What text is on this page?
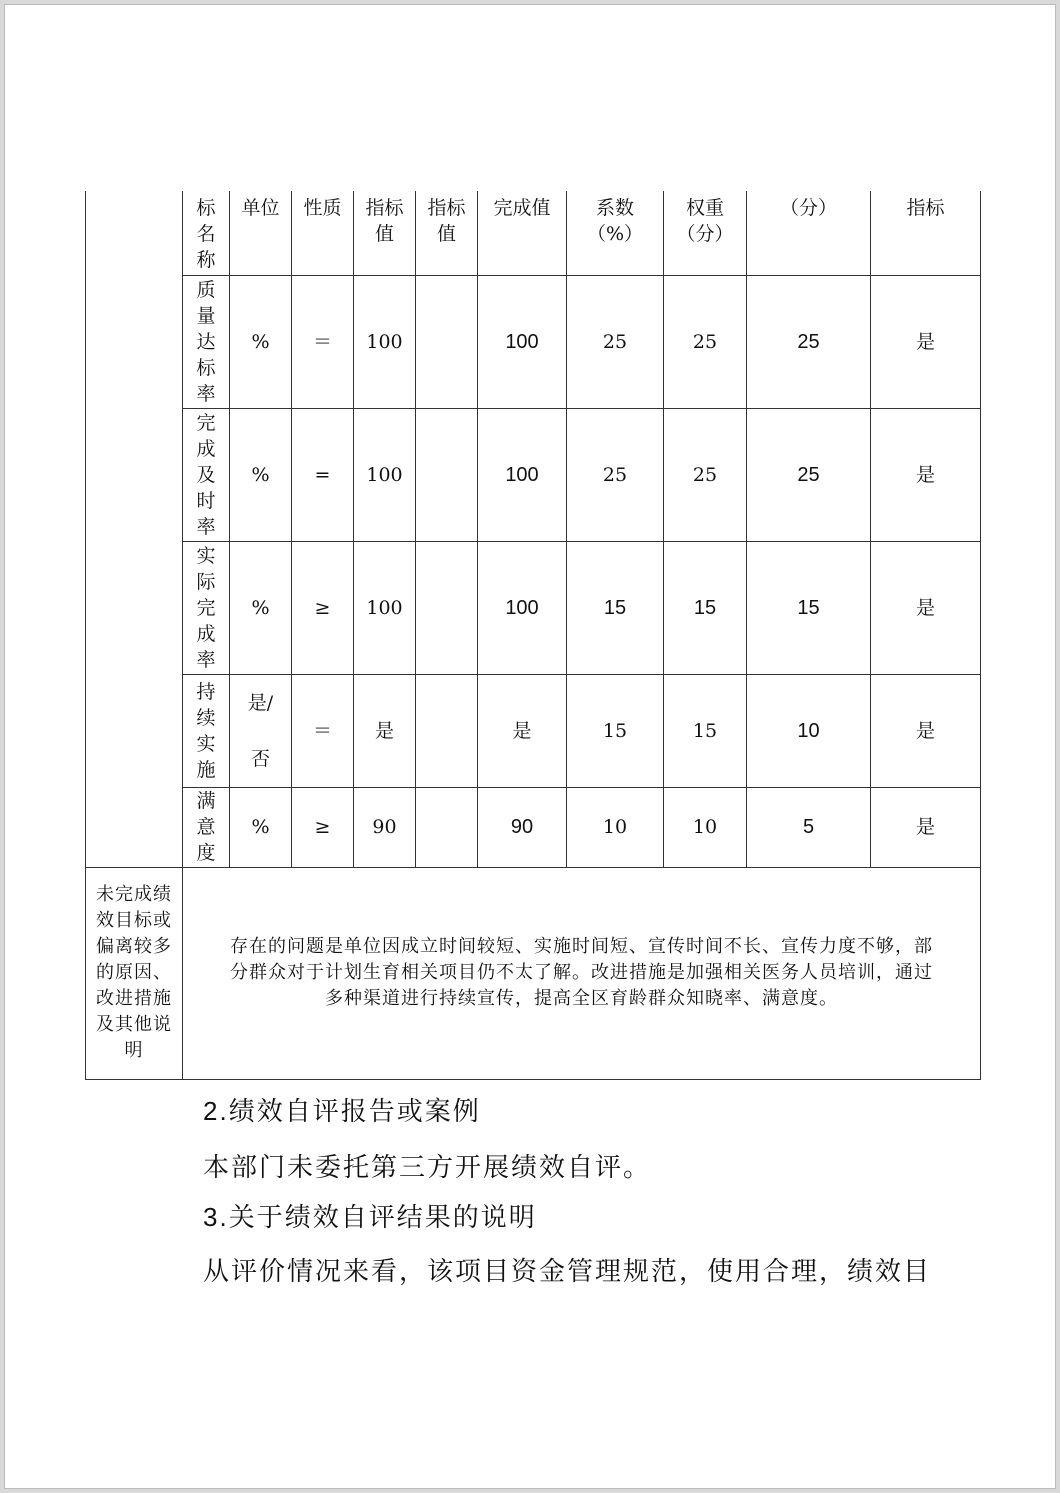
	标名称	单位	性质	指标值	指标值	完成值	系数（%）	权重（分）	（分）	指标
	质量达标率	%	＝	100		100	25	25	25	是
	完成及时率	%	=	100		100	25	25	25	是
	实际完成率	%	≥	100		100	15	15	15	是
	持续实施	是/否	＝	是		是	15	15	10	是
	满意度	%	≥	90		90	10	10	5	是
未完成绩效目标或偏离较多的原因、改进措施及其他说明	存在的问题是单位因成立时间较短、实施时间短、宣传时间不长、宣传力度不够，部
分群众对于计划生育相关项目仍不太了解。改进措施是加强相关医务人员培训，通过
多种渠道进行持续宣传，提高全区育龄群众知晓率、满意度。									
2.绩效自评报告或案例
本部门未委托第三方开展绩效自评。
3.关于绩效自评结果的说明
从评价情况来看，该项目资金管理规范，使用合理，绩效目
